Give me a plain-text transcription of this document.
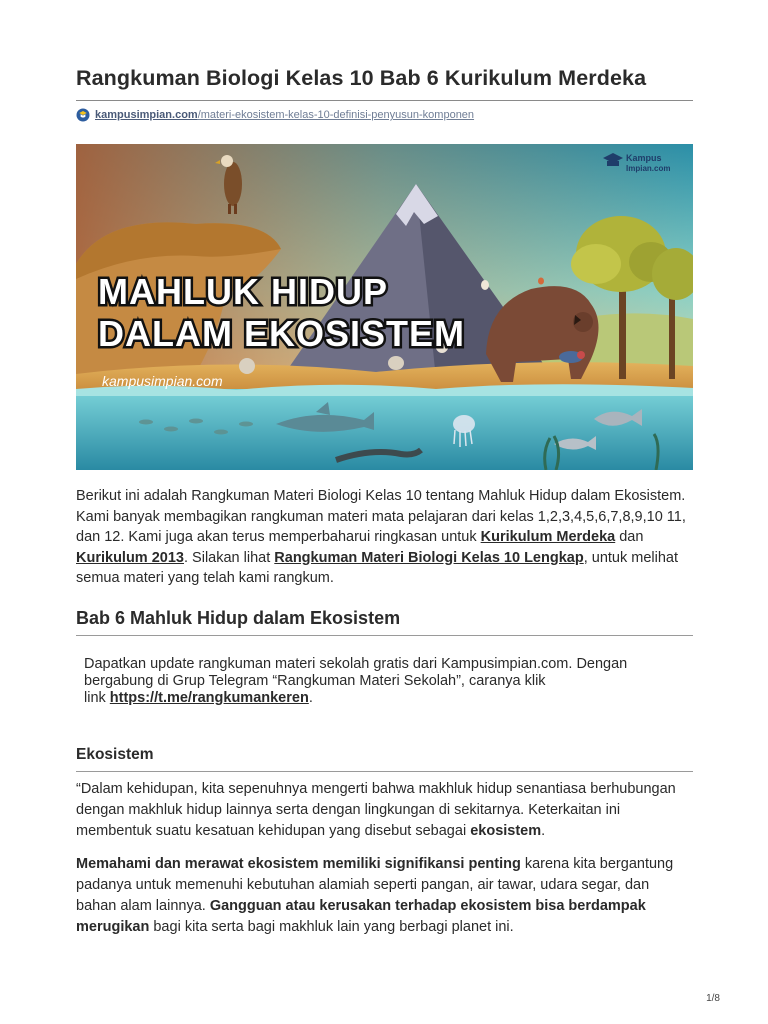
Rangkuman Biologi Kelas 10 Bab 6 Kurikulum Merdeka
kampusimpian.com /materi-ekosistem-kelas-10-definisi-penyusun-komponen
MAHLUK HIDUP
DALAM EKOSISTEM
kampusimpian.com
Kampus
Impian.com

Berikut ini adalah Rangkuman Materi Biologi Kelas 10 tentang Mahluk Hidup dalam Ekosistem. Kami banyak membagikan rangkuman materi mata pelajaran dari kelas 1,2,3,4,5,6,7,8,9,10 11, dan 12. Kami juga akan terus memperbaharui ringkasan untuk Kurikulum Merdeka dan Kurikulum 2013. Silakan lihat Rangkuman Materi Biologi Kelas 10 Lengkap, untuk melihat semua materi yang telah kami rangkum.

Bab 6 Mahluk Hidup dalam Ekosistem

Dapatkan update rangkuman materi sekolah gratis dari Kampusimpian.com. Dengan bergabung di Grup Telegram “Rangkuman Materi Sekolah”, caranya klik link https://t.me/rangkumankeren.

Ekosistem

“Dalam kehidupan, kita sepenuhnya mengerti bahwa makhluk hidup senantiasa berhubungan dengan makhluk hidup lainnya serta dengan lingkungan di sekitarnya. Keterkaitan ini membentuk suatu kesatuan kehidupan yang disebut sebagai ekosistem.

Memahami dan merawat ekosistem memiliki signifikansi penting karena kita bergantung padanya untuk memenuhi kebutuhan alamiah seperti pangan, air tawar, udara segar, dan bahan alam lainnya. Gangguan atau kerusakan terhadap ekosistem bisa berdampak merugikan bagi kita serta bagi makhluk lain yang berbagi planet ini.

1/8
